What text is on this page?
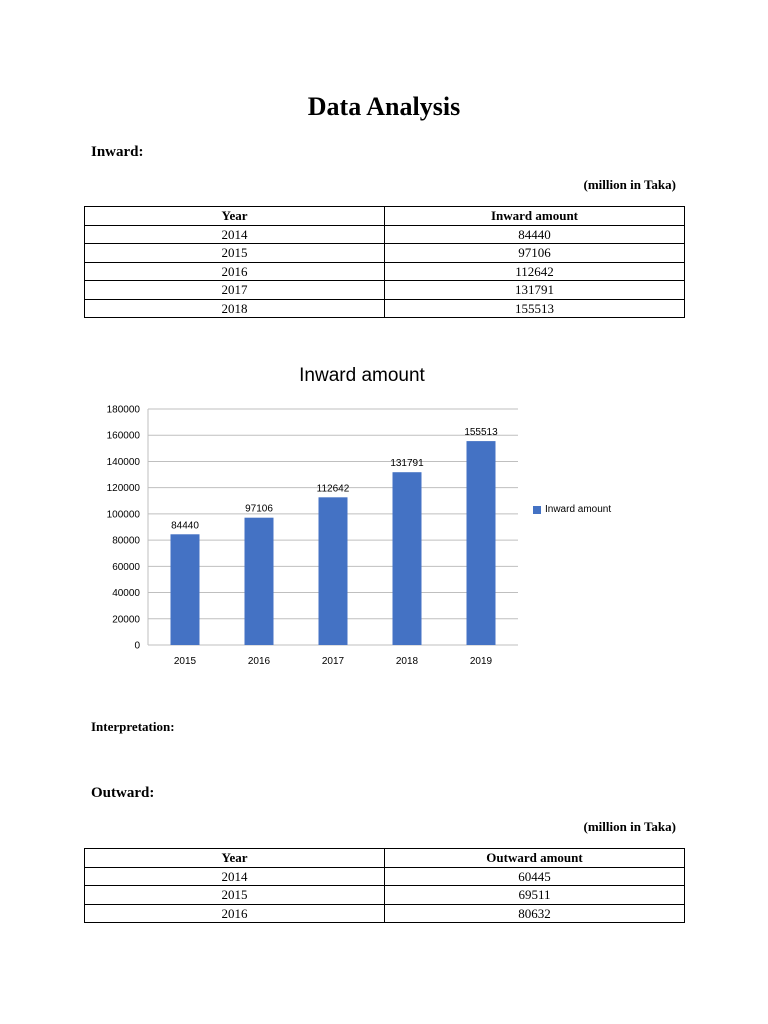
Data Analysis

Inward:

(million in Taka)
Year	Inward amount
2014	84440
2015	97106
2016	112642
2017	131791
2018	155513
Inward amount
0
20000
40000
60000
80000
100000
120000
140000
160000
180000
84440
2015
97106
2016
112642
2017
131791
2018
155513
2019
Inward amount

Interpretation:

Outward:

(million in Taka)
Year	Outward amount
2014	60445
2015	69511
2016	80632
